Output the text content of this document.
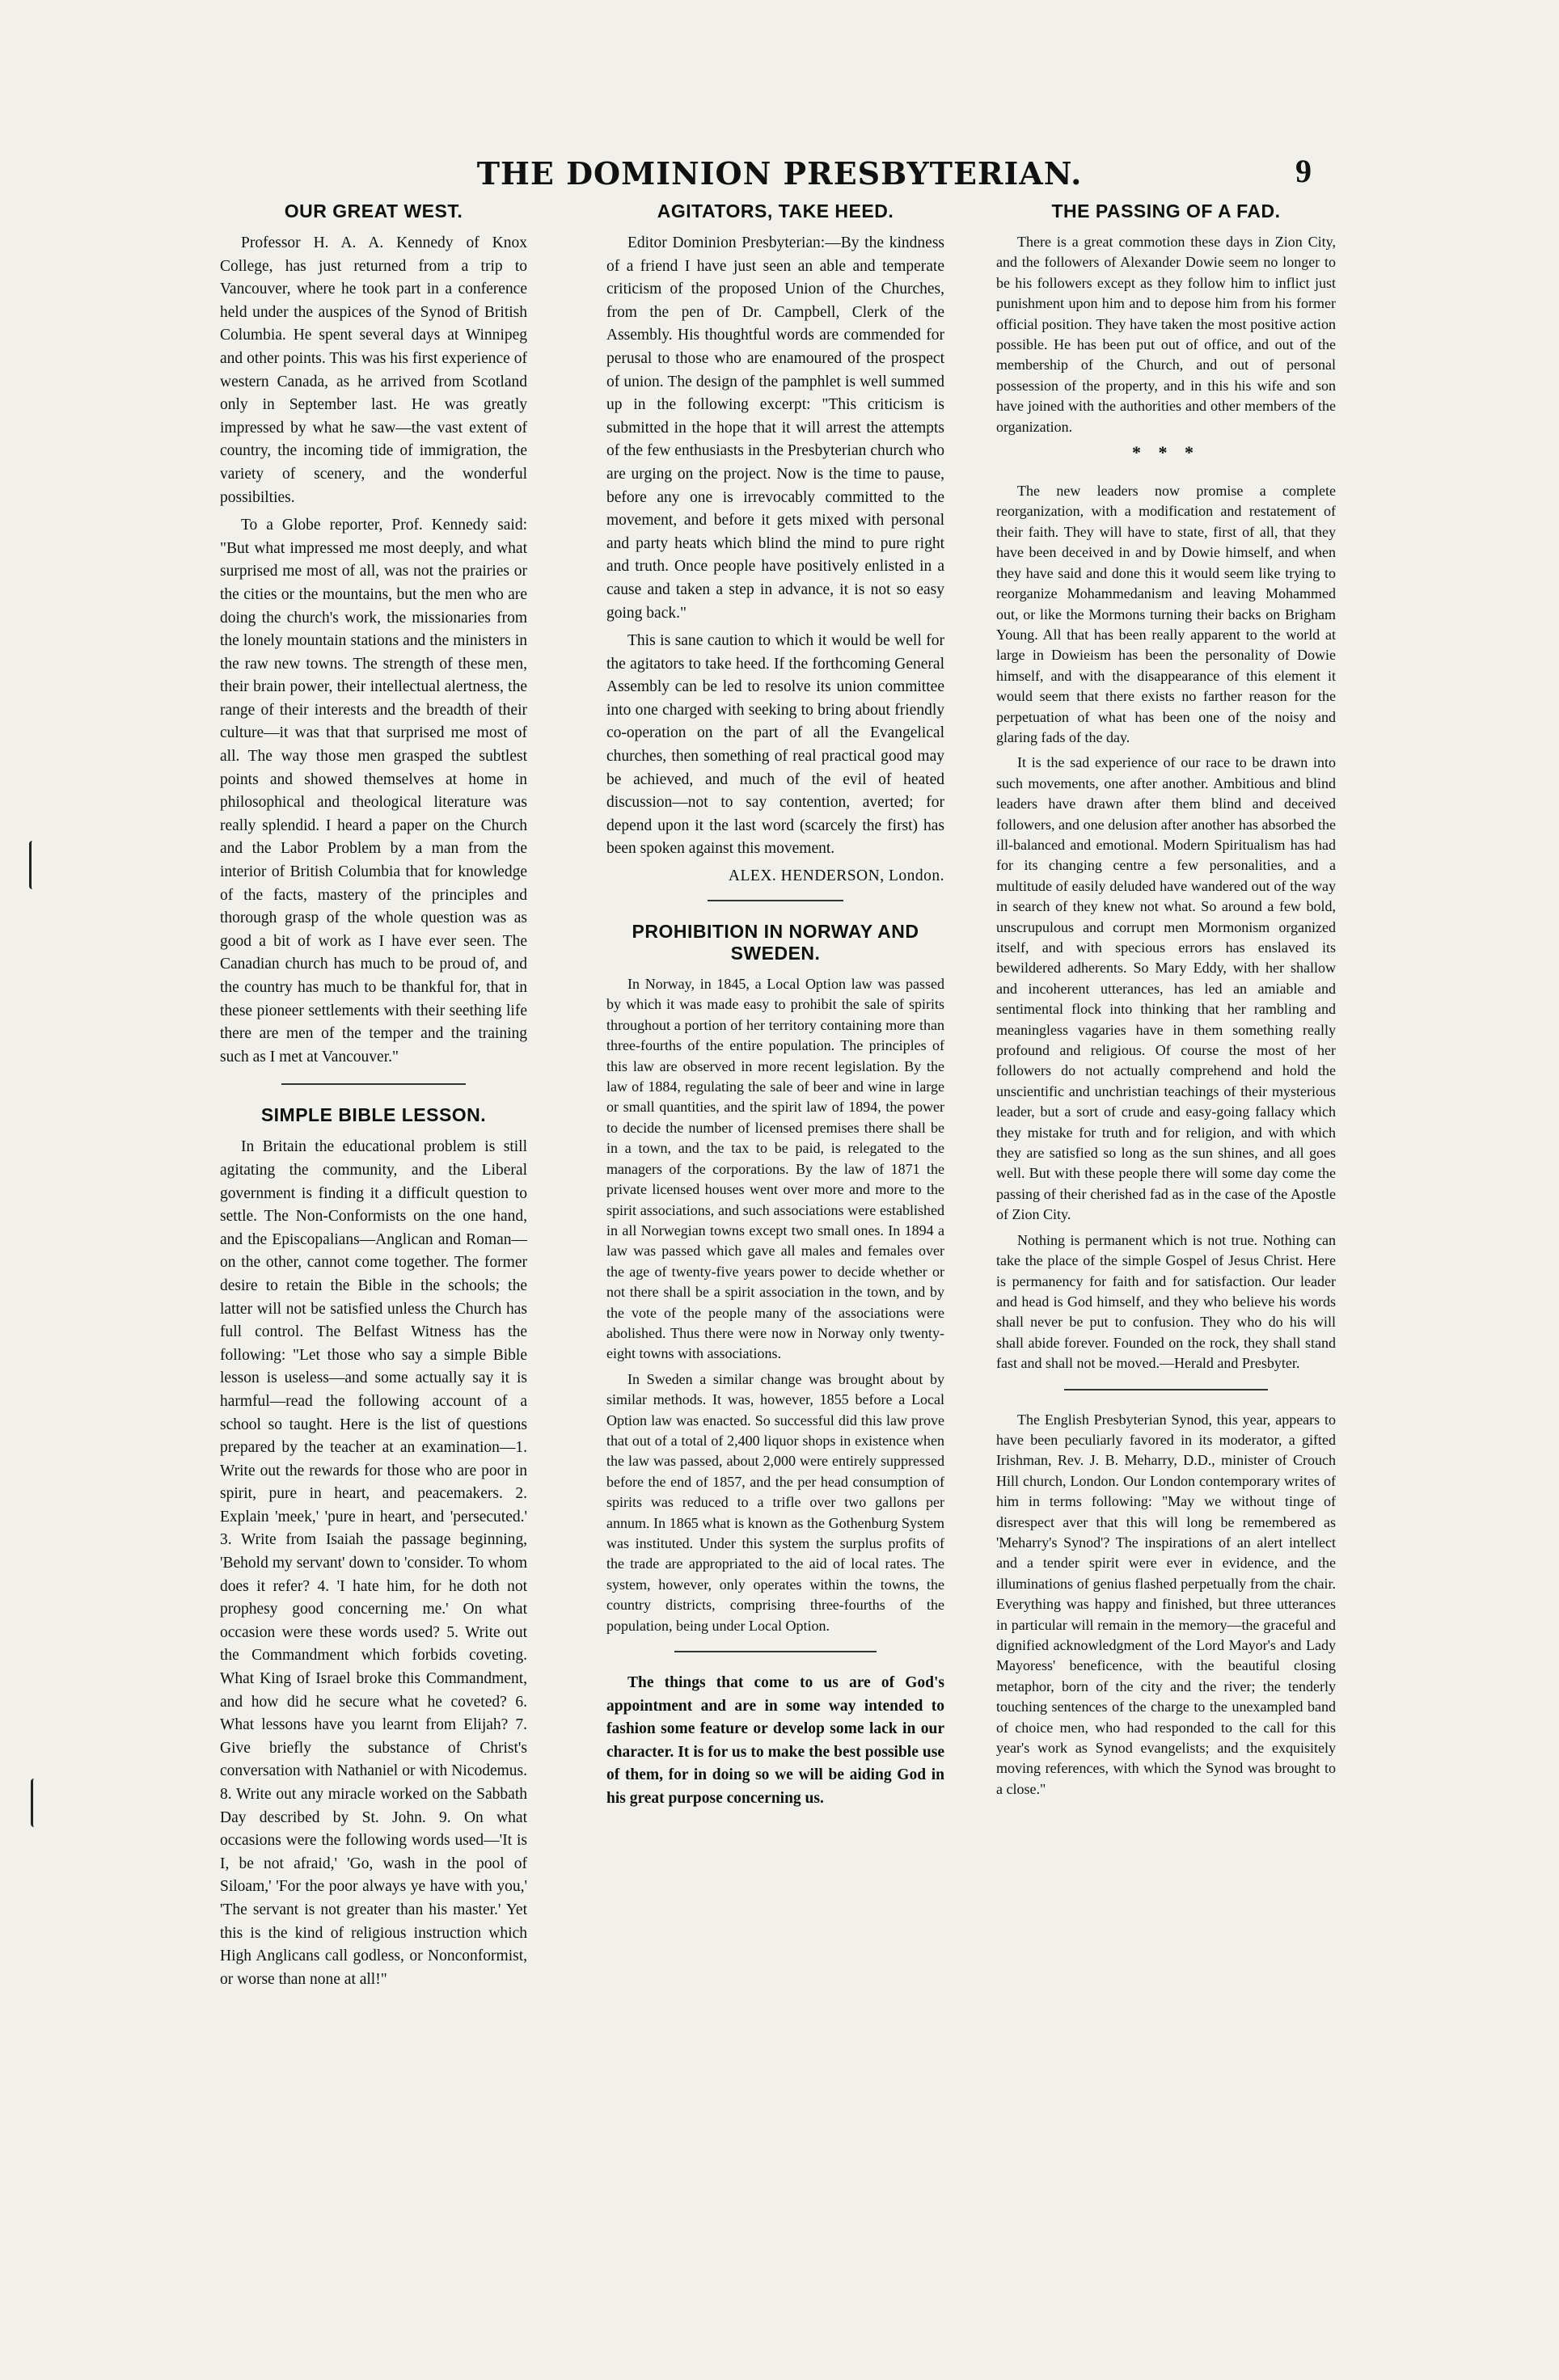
THE DOMINION PRESBYTERIAN.	9
OUR GREAT WEST.

Professor H. A. A. Kennedy of Knox College, has just returned from a trip to Vancouver, where he took part in a conference held under the auspices of the Synod of British Columbia. He spent several days at Winnipeg and other points. This was his first experience of western Canada, as he arrived from Scotland only in September last. He was greatly impressed by what he saw—the vast extent of country, the incoming tide of immigration, the variety of scenery, and the wonderful possibilties.

To a Globe reporter, Prof. Kennedy said: "But what impressed me most deeply, and what surprised me most of all, was not the prairies or the cities or the mountains, but the men who are doing the church's work, the missionaries from the lonely mountain stations and the ministers in the raw new towns. The strength of these men, their brain power, their intellectual alertness, the range of their interests and the breadth of their culture—it was that that surprised me most of all. The way those men grasped the subtlest points and showed themselves at home in philosophical and theological literature was really splendid. I heard a paper on the Church and the Labor Problem by a man from the interior of British Columbia that for knowledge of the facts, mastery of the principles and thorough grasp of the whole question was as good a bit of work as I have ever seen. The Canadian church has much to be proud of, and the country has much to be thankful for, that in these pioneer settlements with their seething life there are men of the temper and the training such as I met at Vancouver."

SIMPLE BIBLE LESSON.

In Britain the educational problem is still agitating the community, and the Liberal government is finding it a difficult question to settle. The Non-Conformists on the one hand, and the Episcopalians—Anglican and Roman—on the other, cannot come together. The former desire to retain the Bible in the schools; the latter will not be satisfied unless the Church has full control. The Belfast Witness has the following: "Let those who say a simple Bible lesson is useless—and some actually say it is harmful—read the following account of a school so taught. Here is the list of questions prepared by the teacher at an examination—1. Write out the rewards for those who are poor in spirit, pure in heart, and peacemakers. 2. Explain 'meek,' 'pure in heart, and 'persecuted.' 3. Write from Isaiah the passage beginning, 'Behold my servant' down to 'consider. To whom does it refer? 4. 'I hate him, for he doth not prophesy good concerning me.' On what occasion were these words used? 5. Write out the Commandment which forbids coveting. What King of Israel broke this Commandment, and how did he secure what he coveted? 6. What lessons have you learnt from Elijah? 7. Give briefly the substance of Christ's conversation with Nathaniel or with Nicodemus. 8. Write out any miracle worked on the Sabbath Day described by St. John. 9. On what occasions were the following words used—'It is I, be not afraid,' 'Go, wash in the pool of Siloam,' 'For the poor always ye have with you,' 'The servant is not greater than his master.' Yet this is the kind of religious instruction which High Anglicans call godless, or Nonconformist, or worse than none at all!"

AGITATORS, TAKE HEED.

Editor Dominion Presbyterian:—By the kindness of a friend I have just seen an able and temperate criticism of the proposed Union of the Churches, from the pen of Dr. Campbell, Clerk of the Assembly. His thoughtful words are commended for perusal to those who are enamoured of the prospect of union. The design of the pamphlet is well summed up in the following excerpt: "This criticism is submitted in the hope that it will arrest the attempts of the few enthusiasts in the Presbyterian church who are urging on the project. Now is the time to pause, before any one is irrevocably committed to the movement, and before it gets mixed with personal and party heats which blind the mind to pure right and truth. Once people have positively enlisted in a cause and taken a step in advance, it is not so easy going back."

This is sane caution to which it would be well for the agitators to take heed. If the forthcoming General Assembly can be led to resolve its union committee into one charged with seeking to bring about friendly co-operation on the part of all the Evangelical churches, then something of real practical good may be achieved, and much of the evil of heated discussion—not to say contention, averted; for depend upon it the last word (scarcely the first) has been spoken against this movement.

ALEX. HENDERSON, London.
PROHIBITION IN NORWAY AND SWEDEN.

In Norway, in 1845, a Local Option law was passed by which it was made easy to prohibit the sale of spirits throughout a portion of her territory containing more than three-fourths of the entire population. The principles of this law are observed in more recent legislation. By the law of 1884, regulating the sale of beer and wine in large or small quantities, and the spirit law of 1894, the power to decide the number of licensed premises there shall be in a town, and the tax to be paid, is relegated to the managers of the corporations. By the law of 1871 the private licensed houses went over more and more to the spirit associations, and such associations were established in all Norwegian towns except two small ones. In 1894 a law was passed which gave all males and females over the age of twenty-five years power to decide whether or not there shall be a spirit association in the town, and by the vote of the people many of the associations were abolished. Thus there were now in Norway only twenty-eight towns with associations.

In Sweden a similar change was brought about by similar methods. It was, however, 1855 before a Local Option law was enacted. So successful did this law prove that out of a total of 2,400 liquor shops in existence when the law was passed, about 2,000 were entirely suppressed before the end of 1857, and the per head consumption of spirits was reduced to a trifle over two gallons per annum. In 1865 what is known as the Gothenburg System was instituted. Under this system the surplus profits of the trade are appropriated to the aid of local rates. The system, however, only operates within the towns, the country districts, comprising three-fourths of the population, being under Local Option.

The things that come to us are of God's appointment and are in some way intended to fashion some feature or develop some lack in our character. It is for us to make the best possible use of them, for in doing so we will be aiding God in his great purpose concerning us.

THE PASSING OF A FAD.

There is a great commotion these days in Zion City, and the followers of Alexander Dowie seem no longer to be his followers except as they follow him to inflict just punishment upon him and to depose him from his former official position. They have taken the most positive action possible. He has been put out of office, and out of the membership of the Church, and out of personal possession of the property, and in this his wife and son have joined with the authorities and other members of the organization.

* * *

The new leaders now promise a complete reorganization, with a modification and restatement of their faith. They will have to state, first of all, that they have been deceived in and by Dowie himself, and when they have said and done this it would seem like trying to reorganize Mohammedanism and leaving Mohammed out, or like the Mormons turning their backs on Brigham Young. All that has been really apparent to the world at large in Dowieism has been the personality of Dowie himself, and with the disappearance of this element it would seem that there exists no farther reason for the perpetuation of what has been one of the noisy and glaring fads of the day.

It is the sad experience of our race to be drawn into such movements, one after another. Ambitious and blind leaders have drawn after them blind and deceived followers, and one delusion after another has absorbed the ill-balanced and emotional. Modern Spiritualism has had for its changing centre a few personalities, and a multitude of easily deluded have wandered out of the way in search of they knew not what. So around a few bold, unscrupulous and corrupt men Mormonism organized itself, and with specious errors has enslaved its bewildered adherents. So Mary Eddy, with her shallow and incoherent utterances, has led an amiable and sentimental flock into thinking that her rambling and meaningless vagaries have in them something really profound and religious. Of course the most of her followers do not actually comprehend and hold the unscientific and unchristian teachings of their mysterious leader, but a sort of crude and easy-going fallacy which they mistake for truth and for religion, and with which they are satisfied so long as the sun shines, and all goes well. But with these people there will some day come the passing of their cherished fad as in the case of the Apostle of Zion City.

Nothing is permanent which is not true. Nothing can take the place of the simple Gospel of Jesus Christ. Here is permanency for faith and for satisfaction. Our leader and head is God himself, and they who believe his words shall never be put to confusion. They who do his will shall abide forever. Founded on the rock, they shall stand fast and shall not be moved.—Herald and Presbyter.

The English Presbyterian Synod, this year, appears to have been peculiarly favored in its moderator, a gifted Irishman, Rev. J. B. Meharry, D.D., minister of Crouch Hill church, London. Our London contemporary writes of him in terms following: "May we without tinge of disrespect aver that this will long be remembered as 'Meharry's Synod'? The inspirations of an alert intellect and a tender spirit were ever in evidence, and the illuminations of genius flashed perpetually from the chair. Everything was happy and finished, but three utterances in particular will remain in the memory—the graceful and dignified acknowledgment of the Lord Mayor's and Lady Mayoress' beneficence, with the beautiful closing metaphor, born of the city and the river; the tenderly touching sentences of the charge to the unexampled band of choice men, who had responded to the call for this year's work as Synod evangelists; and the exquisitely moving references, with which the Synod was brought to a close."
